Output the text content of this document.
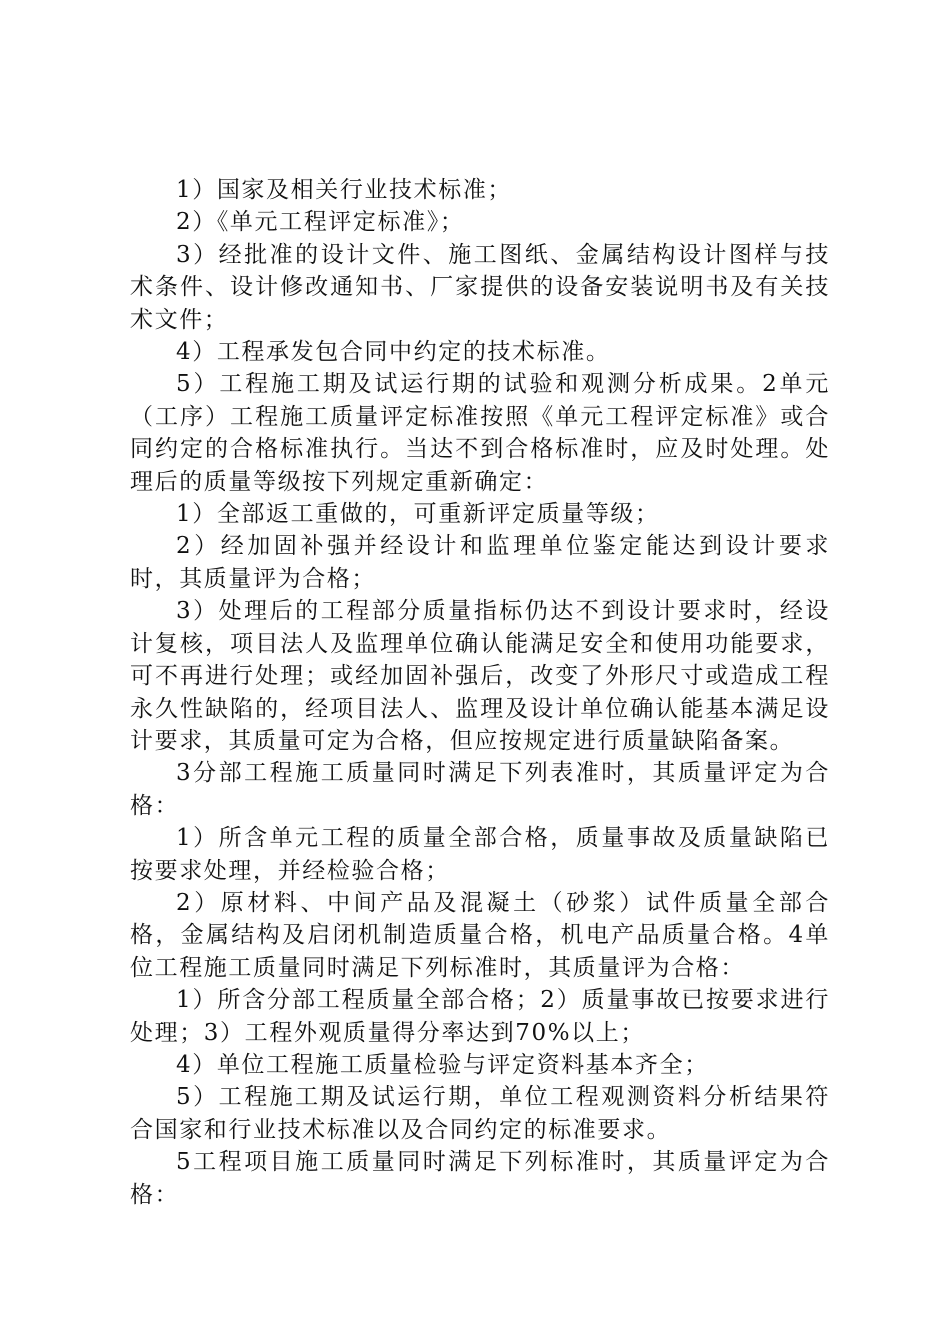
1）国家及相关行业技术标准；

2）《单元工程评定标准》；

3）经批准的设计文件、施工图纸、金属结构设计图样与技术条件、设计修改通知书、厂家提供的设备安装说明书及有关技术文件；

4）工程承发包合同中约定的技术标准。

5）工程施工期及试运行期的试验和观测分析成果。2单元（工序）工程施工质量评定标准按照《单元工程评定标准》或合同约定的合格标准执行。当达不到合格标准时，应及时处理。处理后的质量等级按下列规定重新确定：

1）全部返工重做的，可重新评定质量等级；

2）经加固补强并经设计和监理单位鉴定能达到设计要求时，其质量评为合格；

3）处理后的工程部分质量指标仍达不到设计要求时，经设计复核，项目法人及监理单位确认能满足安全和使用功能要求，可不再进行处理；或经加固补强后，改变了外形尺寸或造成工程永久性缺陷的，经项目法人、监理及设计单位确认能基本满足设计要求，其质量可定为合格，但应按规定进行质量缺陷备案。

3分部工程施工质量同时满足下列表准时，其质量评定为合格：

1）所含单元工程的质量全部合格，质量事故及质量缺陷已按要求处理，并经检验合格；

2）原材料、中间产品及混凝土（砂浆）试件质量全部合格，金属结构及启闭机制造质量合格，机电产品质量合格。4单位工程施工质量同时满足下列标准时，其质量评为合格：

1）所含分部工程质量全部合格；2）质量事故已按要求进行处理；3）工程外观质量得分率达到70%以上；

4）单位工程施工质量检验与评定资料基本齐全；

5）工程施工期及试运行期，单位工程观测资料分析结果符合国家和行业技术标准以及合同约定的标准要求。

5工程项目施工质量同时满足下列标准时，其质量评定为合格：
